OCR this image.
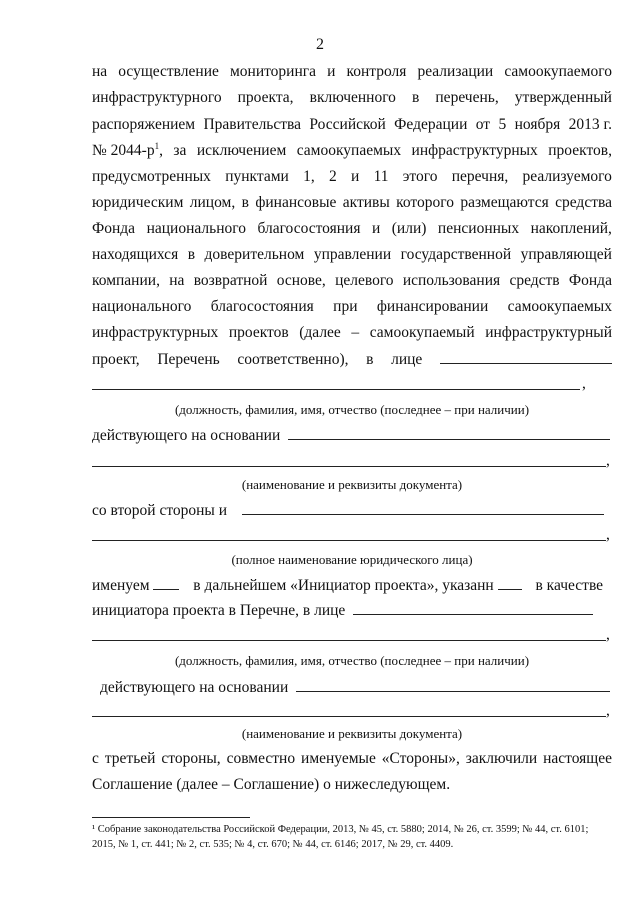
2
на осуществление мониторинга и контроля реализации самоокупаемого
инфраструктурного проекта, включенного в перечень, утвержденный
распоряжением Правительства Российской Федерации от 5 ноября 2013 г.
№ $2044-р^1$, за исключением самоокупаемых инфраструктурных проектов,
предусмотренных пунктами 1, 2 и 11 этого перечня, реализуемого
юридическим лицом, в финансовые активы которого размещаются средства
Фонда национального благосостояния и (или) пенсионных накоплений,
находящихся в доверительном управлении государственной управляющей
компании, на возвратной основе, целевого использования средств Фонда
национального благосостояния при финансировании самоокупаемых
инфраструктурных проектов (далее – самоокупаемый инфраструктурный
проект, Перечень соответственно), в лице
,
(должность, фамилия, имя, отчество (последнее – при наличии)
действующего на основании
,
(наименование и реквизиты документа)
со второй стороны и
,
(полное наименование юридического лица)
именуем	в дальнейшем «Инициатор проекта», указанн	в качестве
инициатора проекта в Перечне, в лице
,
(должность, фамилия, имя, отчество (последнее – при наличии)
действующего на основании
,
(наименование и реквизиты документа)
с третьей стороны, совместно именуемые «Стороны», заключили настоящее
Соглашение (далее – Соглашение) о нижеследующем.
¹ Собрание законодательства Российской Федерации, 2013, № 45, ст. 5880; 2014, № 26, ст. 3599; № 44, ст. 6101;
2015, № 1, ст. 441; № 2, ст. 535; № 4, ст. 670; № 44, ст. 6146; 2017, № 29, ст. 4409.
